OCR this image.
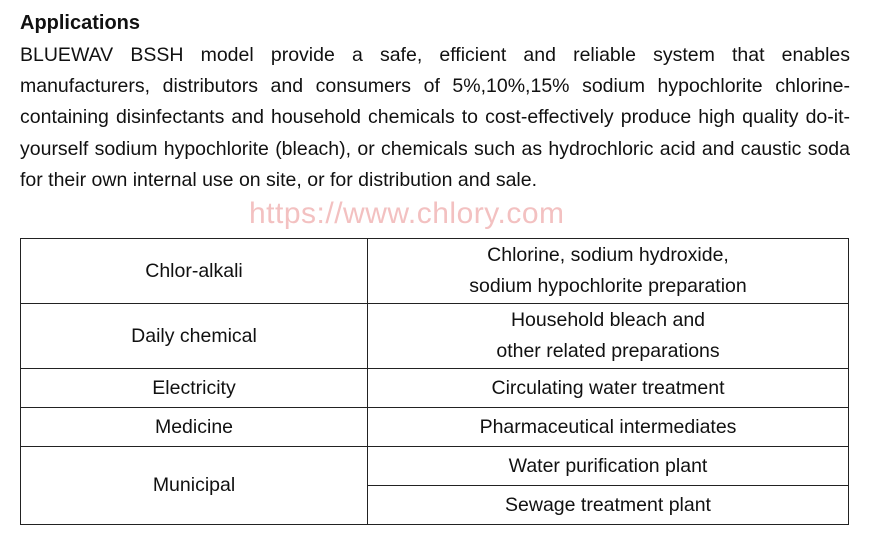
Applications
BLUEWAV BSSH model provide a safe, efficient and reliable system that enables manufacturers, distributors and consumers of 5%,10%,15% sodium hypochlorite chlorine-containing disinfectants and household chemicals to cost-effectively produce high quality do-it-yourself sodium hypochlorite (bleach), or chemicals such as hydrochloric acid and caustic soda for their own internal use on site, or for distribution and sale.
https://www.chlory.com
Chlor-alkali	Chlorine, sodium hydroxide,
sodium hypochlorite preparation

Daily chemical	Household bleach and
other related preparations

Electricity	Circulating water treatment
Medicine	Pharmaceutical intermediates
Municipal	Water purification plant
	Sewage treatment plant
